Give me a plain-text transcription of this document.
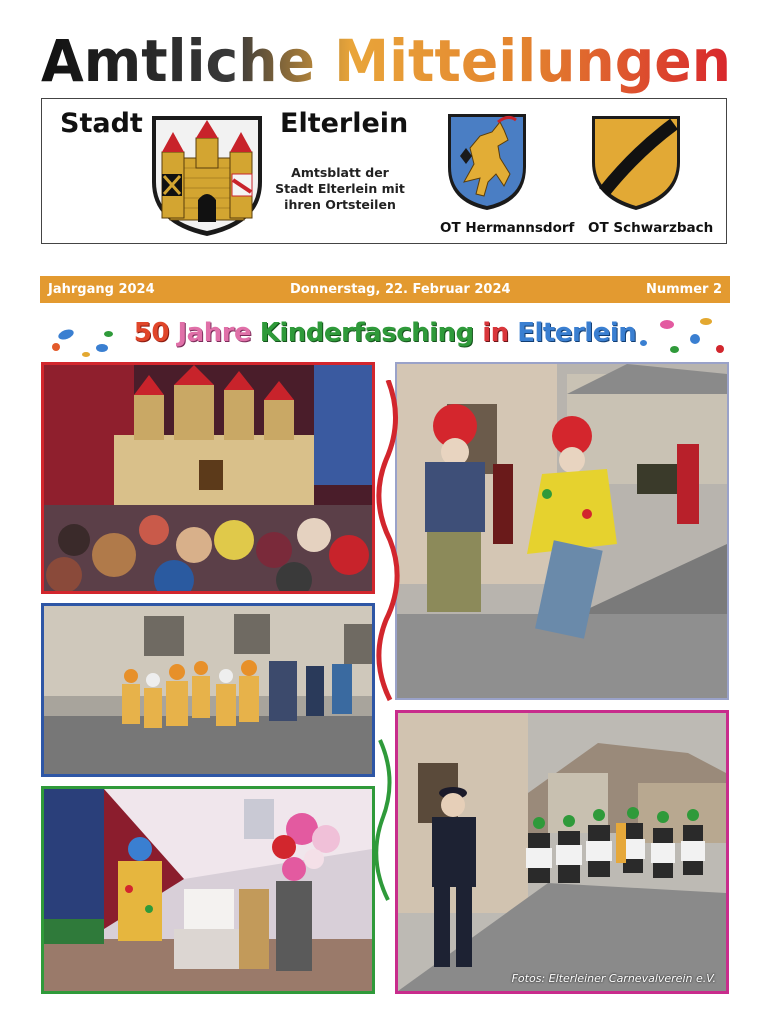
Amtliche Mitteilungen
Stadt	Elterlein
Amtsblatt der
Stadt Elterlein mit
ihren Ortsteilen
OT Hermannsdorf OT Schwarzbach
Jahrgang 2024	Donnerstag, 22. Februar 2024	Nummer 2
50 Jahre Kinderfasching in Elterlein
Fotos: Elterleiner Carnevalverein e.V.
